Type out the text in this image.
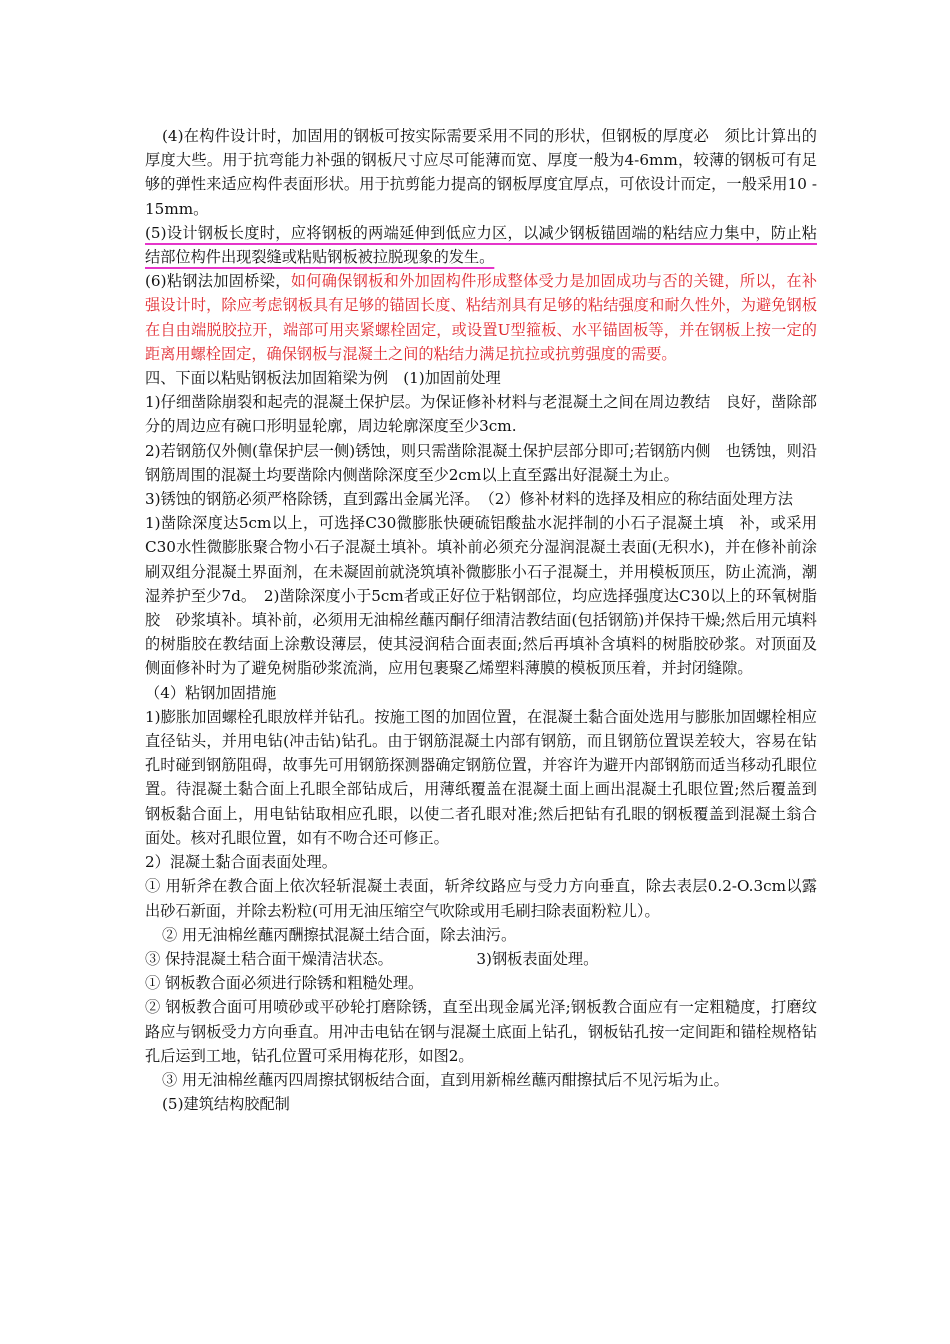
(4)在构件设计时，加固用的钢板可按实际需要采用不同的形状，但钢板的厚度必　须比计算出的厚度大些。用于抗弯能力补强的钢板尺寸应尽可能薄而宽、厚度一般为4-6mm，较薄的钢板可有足够的弹性来适应构件表面形状。用于抗剪能力提高的钢板厚度宜厚点，可依设计而定，一般采用10 - 15mm。

(5)设计钢板长度时，应将钢板的两端延伸到低应力区，以减少钢板锚固端的粘结应力集中，防止粘结部位构件出现裂缝或粘贴钢板被拉脱现象的发生。

(6)粘钢法加固桥梁，如何确保钢板和外加固构件形成整体受力是加固成功与否的关键，所以，在补强设计时，除应考虑钢板具有足够的锚固长度、粘结剂具有足够的粘结强度和耐久性外，为避免钢板在自由端脱胶拉开，端部可用夹紧螺栓固定，或设置U型箍板、水平锚固板等，并在钢板上按一定的距离用螺栓固定，确保钢板与混凝土之间的粘结力满足抗拉或抗剪强度的需要。

四、下面以粘贴钢板法加固箱梁为例　(1)加固前处理

1)仔细凿除崩裂和起壳的混凝土保护层。为保证修补材料与老混凝土之间在周边教结　良好，凿除部分的周边应有碗口形明显轮廓，周边轮廓深度至少3cm.

2)若钢筋仅外侧(靠保护层一侧)锈蚀，则只需凿除混凝土保护层部分即可;若钢筋内侧　也锈蚀，则沿钢筋周围的混凝土均要凿除内侧凿除深度至少2cm以上直至露出好混凝土为止。

3)锈蚀的钢筋必须严格除锈，直到露出金属光泽。　（2）修补材料的选择及相应的称结面处理方法

1)凿除深度达5cm以上，可选择C30微膨胀快硬硫铝酸盐水泥拌制的小石子混凝土填　补，或采用C30水性微膨胀聚合物小石子混凝土填补。填补前必须充分湿润混凝土表面(无积水)，并在修补前涂刷双组分混凝土界面剂，在未凝固前就浇筑填补微膨胀小石子混凝土，并用模板顶压，防止流淌，潮湿养护至少7d。　2)凿除深度小于5cm者或正好位于粘钢部位，均应选择强度达C30以上的环氧树脂胶　砂浆填补。填补前，必须用无油棉丝蘸丙酮仔细清洁教结面(包括钢筋)并保持干燥;然后用元填料的树脂胶在教结面上涂敷设薄层，使其浸润秸合面表面;然后再填补含填料的树脂胶砂浆。对顶面及侧面修补时为了避免树脂砂浆流淌，应用包裹聚乙烯塑料薄膜的模板顶压着，并封闭缝隙。

（4）粘钢加固措施

1)膨胀加固螺栓孔眼放样并钻孔。按施工图的加固位置，在混凝土黏合面处选用与膨胀加固螺栓相应直径钻头，并用电钻(冲击钻)钻孔。由于钢筋混凝土内部有钢筋，而且钢筋位置误差较大，容易在钻孔时碰到钢筋阻碍，故事先可用钢筋探测器确定钢筋位置，并容许为避开内部钢筋而适当移动孔眼位置。待混凝土黏合面上孔眼全部钻成后，用薄纸覆盖在混凝土面上画出混凝土孔眼位置;然后覆盖到钢板黏合面上，用电钻钻取相应孔眼，以使二者孔眼对准;然后把钻有孔眼的钢板覆盖到混凝土翁合面处。核对孔眼位置，如有不吻合还可修正。

2）混凝土黏合面表面处理。

① 用斩斧在教合面上依次轻斩混凝土表面，斩斧纹路应与受力方向垂直，除去表层0.2-O.3cm以露出砂石新面，并除去粉粒(可用无油压缩空气吹除或用毛刷扫除表面粉粒儿）。

② 用无油棉丝蘸丙酬擦拭混凝土结合面，除去油污。

③ 保持混凝土秸合面干燥清洁状态。　　　　　　3)钢板表面处理。

① 钢板教合面必须进行除锈和粗糙处理。

② 钢板教合面可用喷砂或平砂轮打磨除锈，直至出现金属光泽;钢板教合面应有一定粗糙度，打磨纹路应与钢板受力方向垂直。用冲击电钻在钢与混凝土底面上钻孔，钢板钻孔按一定间距和锚栓规格钻孔后运到工地，钻孔位置可采用梅花形，如图2。

③ 用无油棉丝蘸丙四周擦拭钢板结合面，直到用新棉丝蘸丙酣擦拭后不见污垢为止。

(5)建筑结构胶配制
